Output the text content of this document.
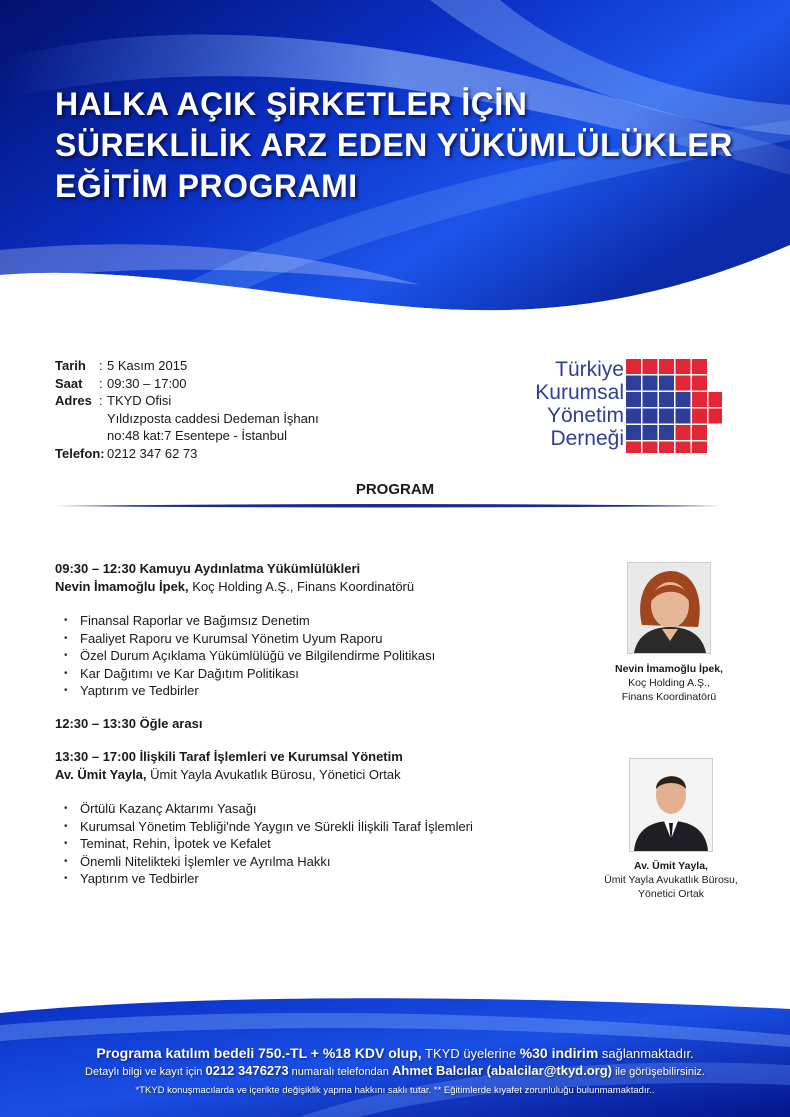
HALKA AÇIK ŞİRKETLER İÇİN
SÜREKLİLİK ARZ EDEN YÜKÜMLÜLÜKLER
EĞİTİM PROGRAMI
Tarih	: 5 Kasım 2015
Saat	: 09:30 – 17:00
Adres : TKYD Ofisi
Yıldızposta caddesi Dedeman İşhanı
no:48 kat:7 Esentepe - İstanbul
Telefon: 0212 347 62 73
Türkiye
Kurumsal
Yönetim
Derneği
PROGRAM
09:30 – 12:30 Kamuyu Aydınlatma Yükümlülükleri
Nevin İmamoğlu İpek, Koç Holding A.Ş., Finans Koordinatörü
• Finansal Raporlar ve Bağımsız Denetim
• Faaliyet Raporu ve Kurumsal Yönetim Uyum Raporu
• Özel Durum Açıklama Yükümlülüğü ve Bilgilendirme Politikası
• Kar Dağıtımı ve Kar Dağıtım Politikası
• Yaptırım ve Tedbirler
Nevin İmamoğlu İpek,
Koç Holding A.Ş.,
Finans Koordinatörü
12:30 – 13:30 Öğle arası
13:30 – 17:00 İlişkili Taraf İşlemleri ve Kurumsal Yönetim
Av. Ümit Yayla, Ümit Yayla Avukatlık Bürosu, Yönetici Ortak
• Örtülü Kazanç Aktarımı Yasağı
• Kurumsal Yönetim Tebliği'nde Yaygın ve Sürekli İlişkili Taraf İşlemleri
• Teminat, Rehin, İpotek ve Kefalet
• Önemli Nitelikteki İşlemler ve Ayrılma Hakkı
• Yaptırım ve Tedbirler
Av. Ümit Yayla,
Ümit Yayla Avukatlık Bürosu,
Yönetici Ortak
Programa katılım bedeli 750.-TL + %18 KDV olup, TKYD üyelerine %30 indirim sağlanmaktadır.
Detaylı bilgi ve kayıt için 0212 3476273 numaralı telefondan Ahmet Balcılar (abalcilar@tkyd.org) ile görüşebilirsiniz.
*TKYD konuşmacılarda ve içerikte değişiklik yapma hakkını saklı tutar. ** Eğitimlerde kıyafet zorunluluğu bulunmamaktadır..
